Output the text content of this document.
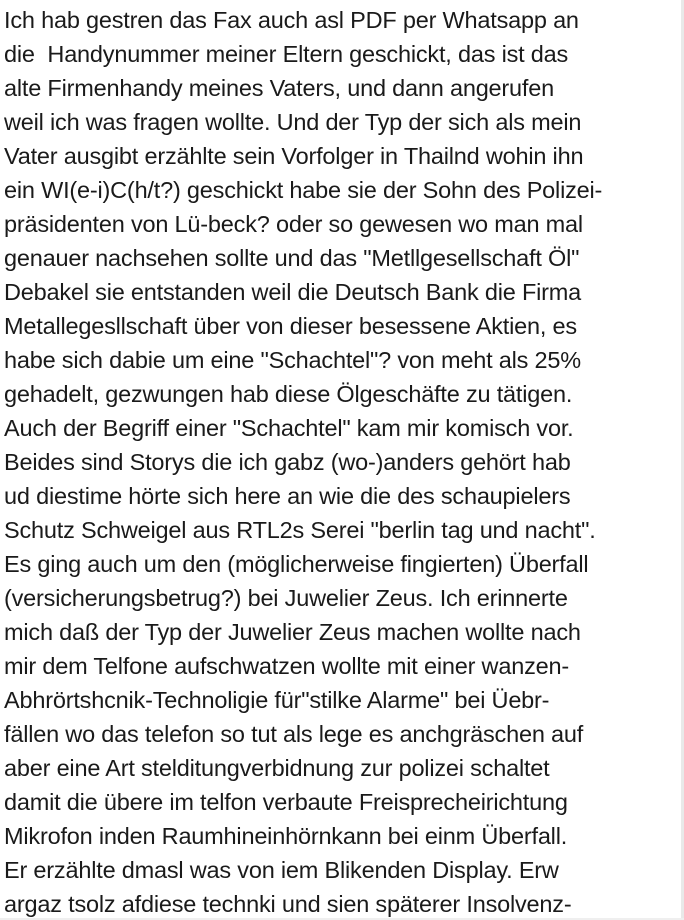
Ich hab gestren das Fax auch asl PDF per Whatsapp an
die  Handynummer meiner Eltern geschickt, das ist das
alte Firmenhandy meines Vaters, und dann angerufen
weil ich was fragen wollte. Und der Typ der sich als mein
Vater ausgibt erzählte sein Vorfolger in Thailnd wohin ihn
ein WI(e-i)C(h/t?) geschickt habe sie der Sohn des Polizei-
präsidenten von Lü-beck? oder so gewesen wo man mal
genauer nachsehen sollte und das "Metllgesellschaft Öl"
Debakel sie entstanden weil die Deutsch Bank die Firma
Metallegesllschaft über von dieser besessene Aktien, es
habe sich dabie um eine "Schachtel"? von meht als 25%
gehadelt, gezwungen hab diese Ölgeschäfte zu tätigen.
Auch der Begriff einer "Schachtel" kam mir komisch vor.
Beides sind Storys die ich gabz (wo-)anders gehört hab
ud diestime hörte sich here an wie die des schaupielers
Schutz Schweigel aus RTL2s Serei "berlin tag und nacht".
Es ging auch um den (möglicherweise fingierten) Überfall
(versicherungsbetrug?) bei Juwelier Zeus. Ich erinnerte
mich daß der Typ der Juwelier Zeus machen wollte nach
mir dem Telfone aufschwatzen wollte mit einer wanzen-
Abhrörtshcnik-Technoligie für"stilke Alarme" bei Üebr-
fällen wo das telefon so tut als lege es anchgräschen auf
aber eine Art stelditungverbidnung zur polizei schaltet
damit die übere im telfon verbaute Freisprecheirichtung
Mikrofon inden Raumhineinhörnkann bei einm Überfall.
Er erzählte dmasl was von iem Blikenden Display. Erw
argaz tsolz afdiese technki und sien späterer Insolvenz-
